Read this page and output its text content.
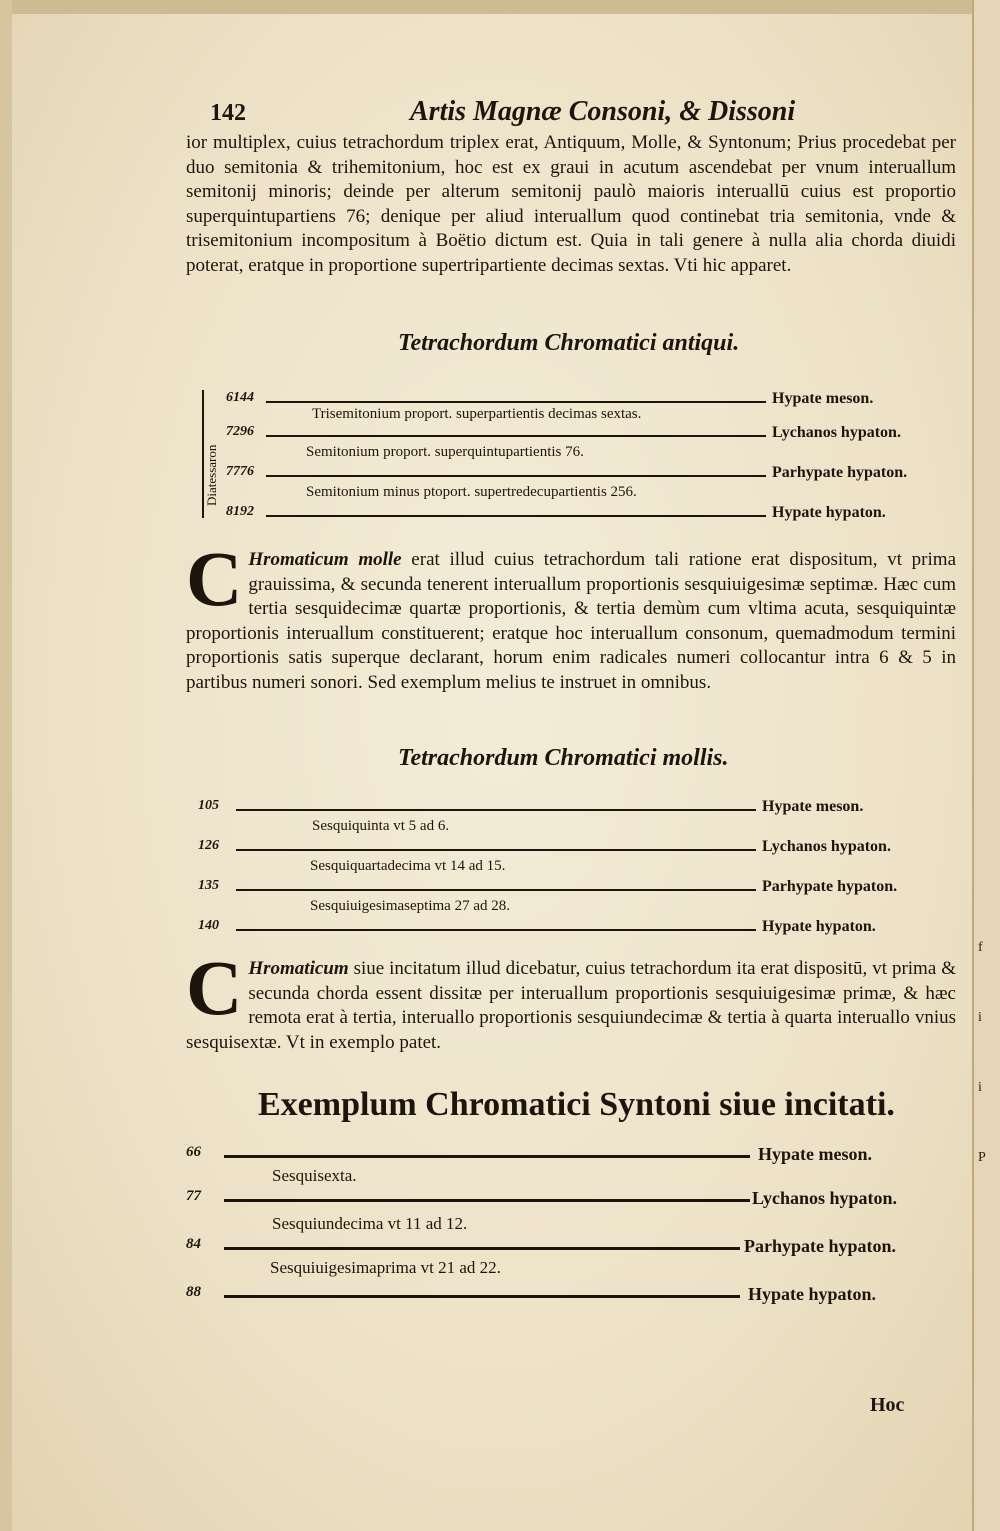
f
i
i
P
142	Artis Magnæ Consoni, & Dissoni
ior multiplex, cuius tetrachordum triplex erat, Antiquum, Molle, & Syntonum; Prius procedebat per duo semitonia & trihemitonium, hoc est ex graui in acutum ascendebat per vnum interuallum semitonij minoris; deinde per alterum semitonij paulò maioris interuallū cuius est proportio superquintupartiens 76; denique per aliud interuallum quod continebat tria semitonia, vnde & trisemitonium incompositum à Boëtio dictum est. Quia in tali genere à nulla alia chorda diuidi poterat, eratque in proportione supertripartiente decimas sextas. Vti hic apparet.
Tetrachordum Chromatici antiqui.
Diatessaron
6144	Hypate meson.
Trisemitonium proport. superpartientis decimas sextas.
7296	Lychanos hypaton.
Semitonium proport. superquintupartientis 76.
7776	Parhypate hypaton.
Semitonium minus ptoport. supertredecupartientis 256.
8192	Hypate hypaton.
C Hromaticum molle erat illud cuius tetrachordum tali ratione erat dispositum, vt prima grauissima, & secunda tenerent interuallum proportionis sesquiuigesimæ septimæ. Hæc cum tertia sesquidecimæ quartæ proportionis, & tertia demùm cum vltima acuta, sesquiquintæ proportionis interuallum constituerent; eratque hoc interuallum consonum, quemadmodum termini proportionis satis superque declarant, horum enim radicales numeri collocantur intra 6 & 5 in partibus numeri sonori. Sed exemplum melius te instruet in omnibus.
Tetrachordum Chromatici mollis.
105	Hypate meson.
Sesquiquinta vt 5 ad 6.
126	Lychanos hypaton.
Sesquiquartadecima vt 14 ad 15.
135	Parhypate hypaton.
Sesquiuigesimaseptima 27 ad 28.
140	Hypate hypaton.
C Hromaticum siue incitatum illud dicebatur, cuius tetrachordum ita erat dispositū, vt prima & secunda chorda essent dissitæ per interuallum proportionis sesquiuigesimæ primæ, & hæc remota erat à tertia, interuallo proportionis sesquiundecimæ & tertia à quarta interuallo vnius sesquisextæ. Vt in exemplo patet.
Exemplum Chromatici Syntoni siue incitati.
66	Hypate meson.
Sesquisexta.
77	Lychanos hypaton.
Sesquiundecima vt 11 ad 12.
84	Parhypate hypaton.
Sesquiuigesimaprima vt 21 ad 22.
88	Hypate hypaton.
Hoc
